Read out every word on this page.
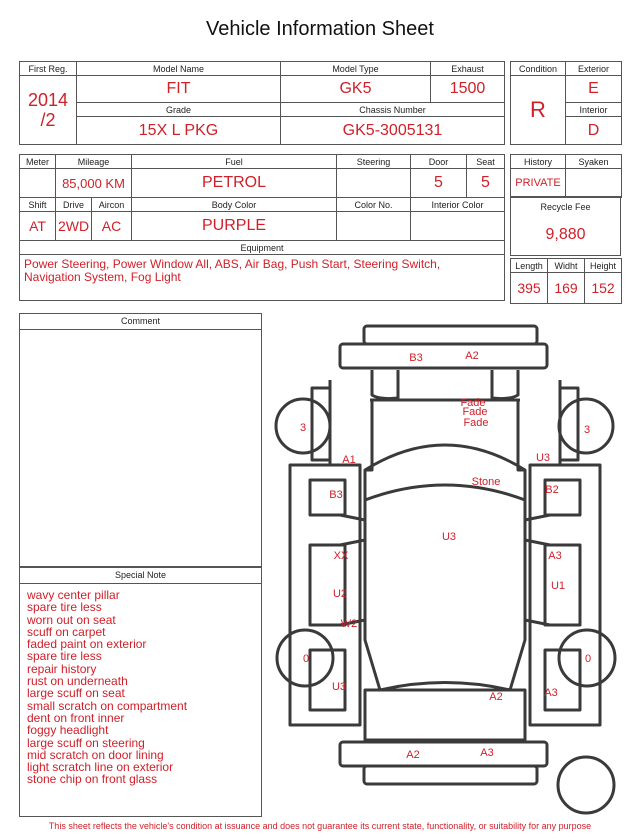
Vehicle Information Sheet
First Reg.	Model Name	Model Type	Exhaust

2014
/2	FIT	GK5	1500
	Grade	Chassis Number	
	15X L PKG	GK5-3005131	
Condition	Exterior
R	E
	Interior
	D
Meter	Mileage		Fuel	Steering	Door	Seat
	85,000 KM		PETROL		5	5
Shift	Drive	Aircon	Body Color	Color No.	Interior Color	
AT	2WD	AC	PURPLE			
Equipment						
Power Steering, Power Window All, ABS, Air Bag, Push Start, Steering Switch, Navigation System, Fog Light						
History	Syaken
PRIVATE	
Recycle Fee
9,880
Length	Widht	Height
395	169	152
Comment
Special Note
wavy center pillar
spare tire less
worn out on seat
scuff on carpet
faded paint on exterior
spare tire less
repair history
rust on underneath
large scuff on seat
small scratch on compartment
dent on front inner
foggy headlight
large scuff on steering
mid scratch on door lining
light scratch line on exterior
stone chip on front glass
B3	A2
Fade
Fade
Fade
3	3
A1	U3
Stone
B3	B2
U3
XX	A3
U2
U1
W2
0	0
U3
A2	A3
A2	A3
This sheet reflects the vehicle's condition at issuance and does not guarantee its current state, functionality, or suitability for any purpose
